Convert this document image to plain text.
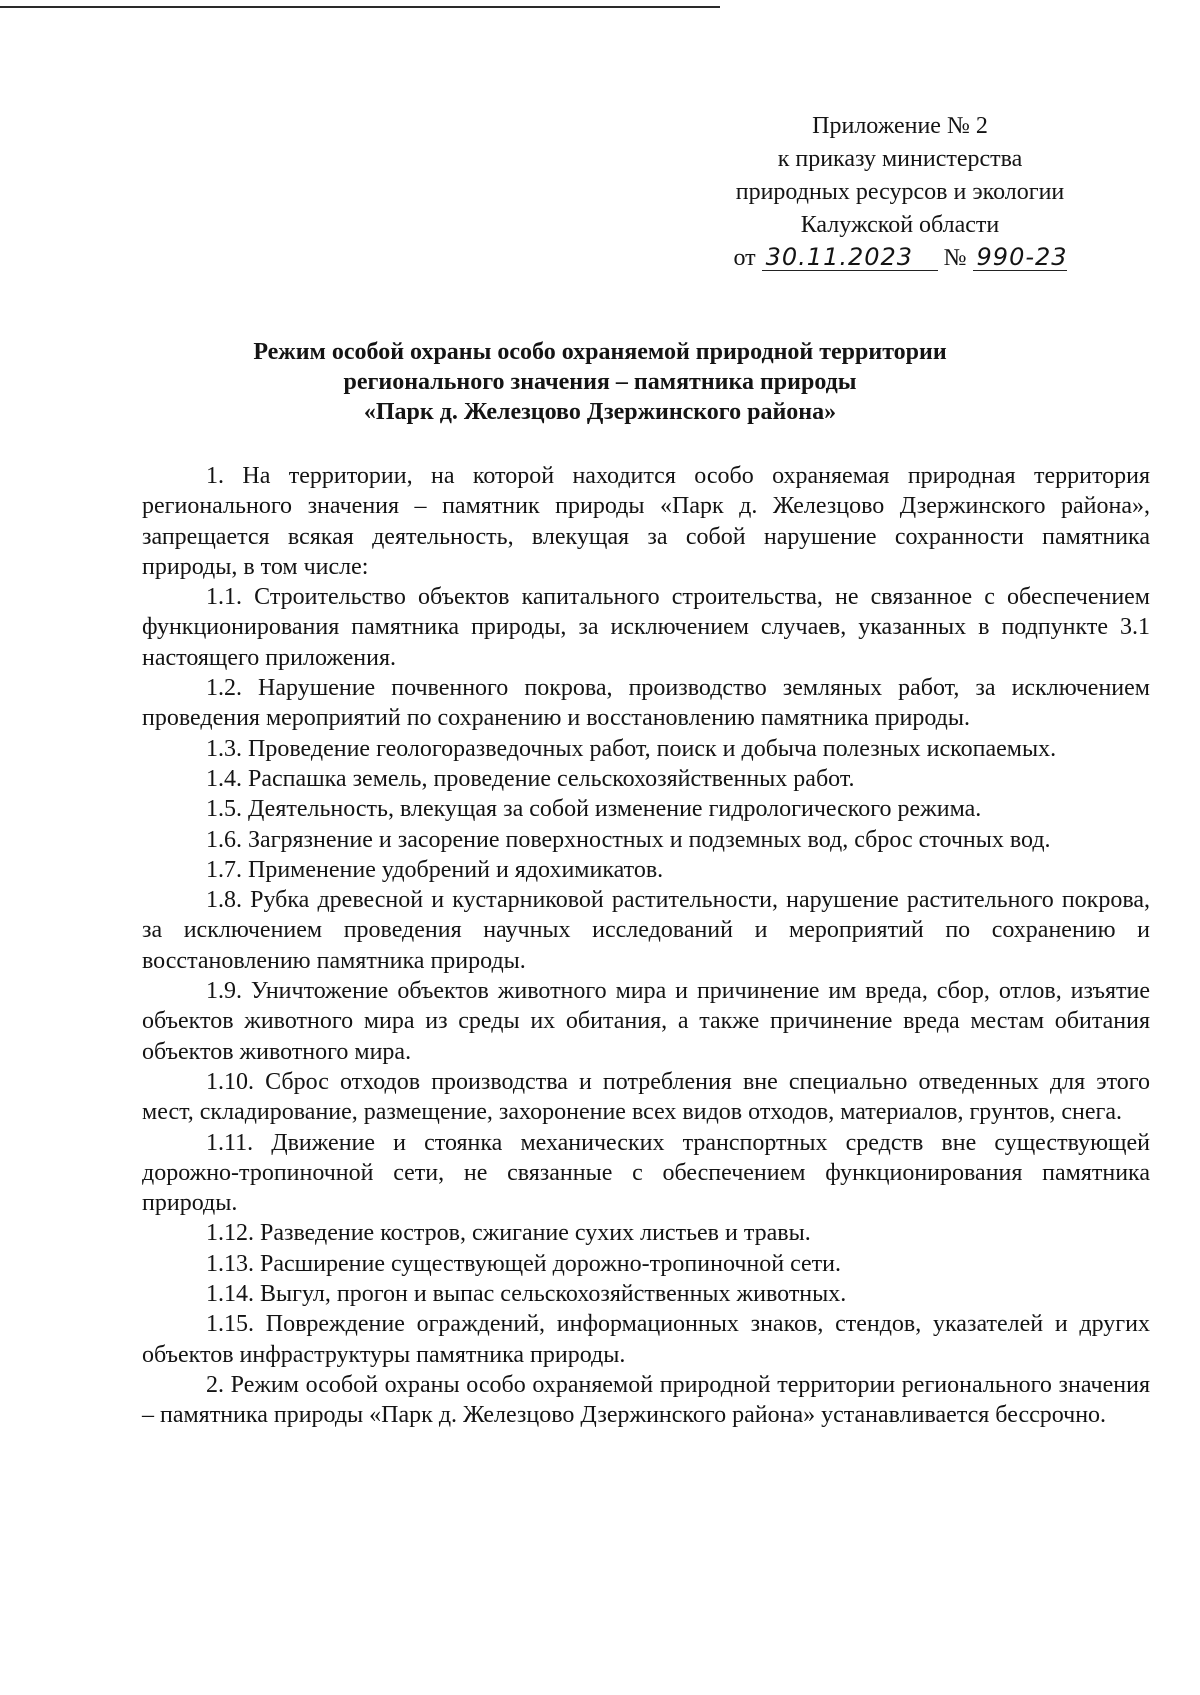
Приложение № 2
к приказу министерства
природных ресурсов и экологии
Калужской области
от 30.11.2023 № 990-23
Режим особой охраны особо охраняемой природной территории
регионального значения – памятника природы
«Парк д. Железцово Дзержинского района»

1. На территории, на которой находится особо охраняемая природная территория регионального значения – памятник природы «Парк д. Железцово Дзержинского района», запрещается всякая деятельность, влекущая за собой нарушение сохранности памятника природы, в том числе:

1.1. Строительство объектов капитального строительства, не связанное с обеспечением функционирования памятника природы, за исключением случаев, указанных в подпункте 3.1 настоящего приложения.

1.2. Нарушение почвенного покрова, производство земляных работ, за исключением проведения мероприятий по сохранению и восстановлению памятника природы.

1.3. Проведение геологоразведочных работ, поиск и добыча полезных ископаемых.

1.4. Распашка земель, проведение сельскохозяйственных работ.

1.5. Деятельность, влекущая за собой изменение гидрологического режима.

1.6. Загрязнение и засорение поверхностных и подземных вод, сброс сточных вод.

1.7. Применение удобрений и ядохимикатов.

1.8. Рубка древесной и кустарниковой растительности, нарушение растительного покрова, за исключением проведения научных исследований и мероприятий по сохранению и восстановлению памятника природы.

1.9. Уничтожение объектов животного мира и причинение им вреда, сбор, отлов, изъятие объектов животного мира из среды их обитания, а также причинение вреда местам обитания объектов животного мира.

1.10. Сброс отходов производства и потребления вне специально отведенных для этого мест, складирование, размещение, захоронение всех видов отходов, материалов, грунтов, снега.

1.11. Движение и стоянка механических транспортных средств вне существующей дорожно-тропиночной сети, не связанные с обеспечением функционирования памятника природы.

1.12. Разведение костров, сжигание сухих листьев и травы.

1.13. Расширение существующей дорожно-тропиночной сети.

1.14. Выгул, прогон и выпас сельскохозяйственных животных.

1.15. Повреждение ограждений, информационных знаков, стендов, указателей и других объектов инфраструктуры памятника природы.

2. Режим особой охраны особо охраняемой природной территории регионального значения – памятника природы «Парк д. Железцово Дзержинского района» устанавливается бессрочно.
